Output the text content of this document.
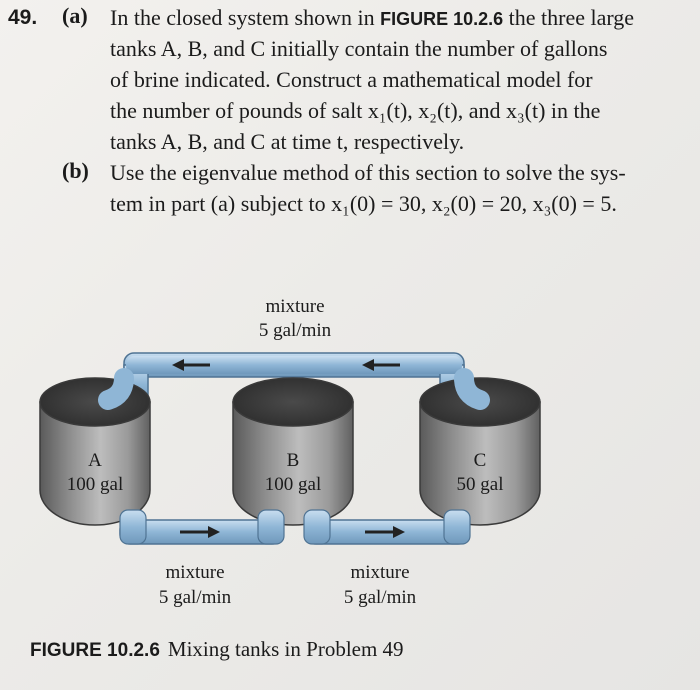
49. (a) In the closed system shown in FIGURE 10.2.6 the three large
tanks A, B, and C initially contain the number of gallons
of brine indicated. Construct a mathematical model for
the number of pounds of salt x₁(t), x₂(t), and x₃(t) in the
tanks A, B, and C at time t, respectively.
(b) Use the eigenvalue method of this section to solve the sys-
tem in part (a) subject to x₁(0) = 30, x₂(0) = 20, x₃(0) = 5.
mixture
5 gal/min
A
100 gal
B
100 gal
C
50 gal
mixture
5 gal/min
mixture
5 gal/min
FIGURE 10.2.6 Mixing tanks in Problem 49
